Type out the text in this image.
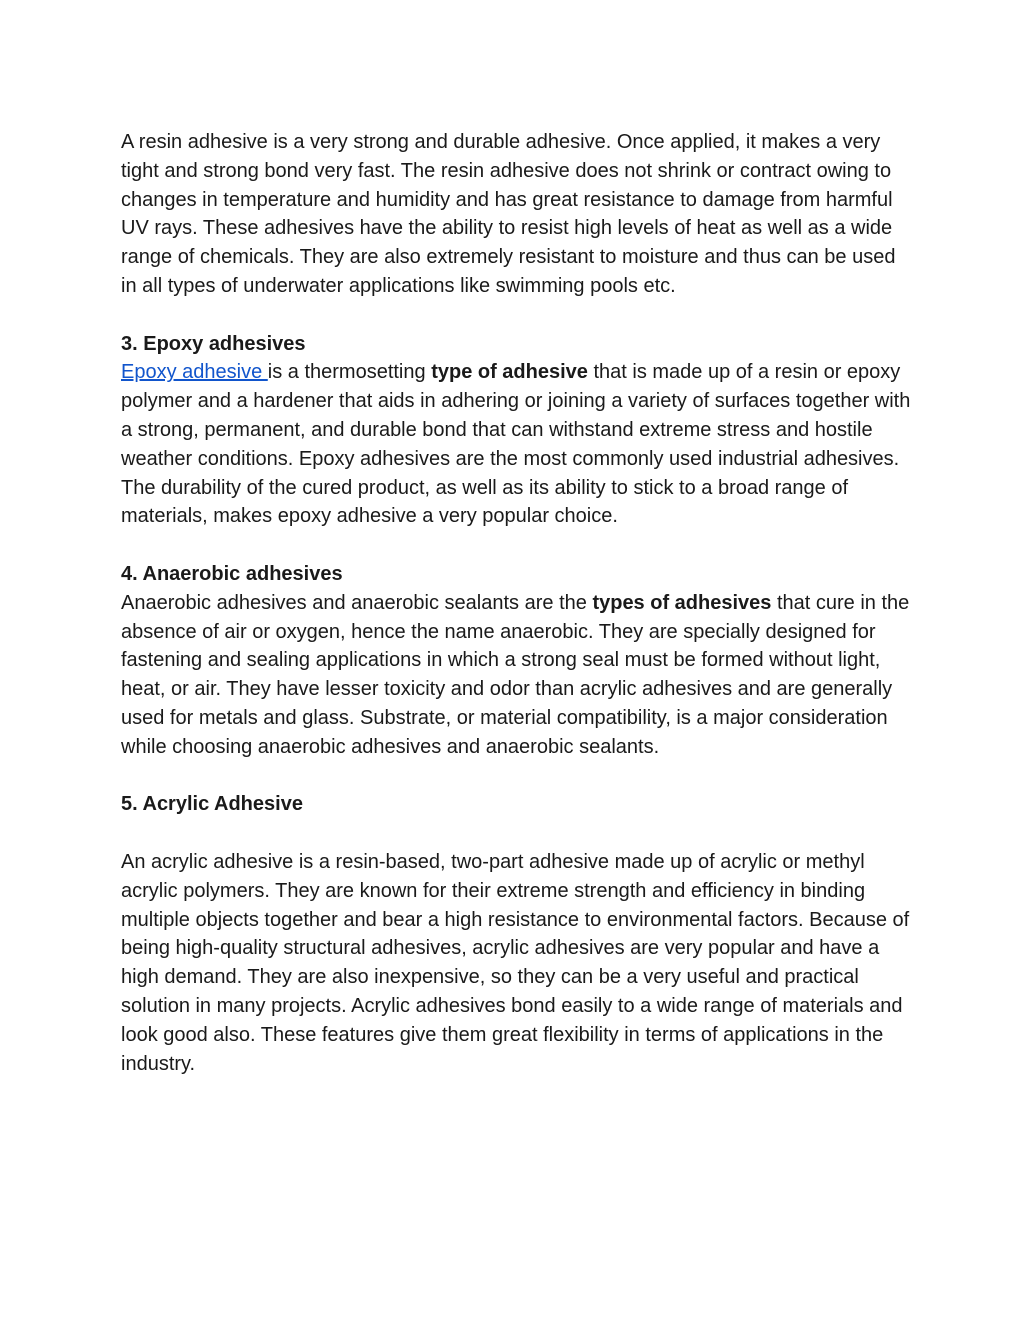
A resin adhesive is a very strong and durable adhesive. Once applied, it makes a very tight and strong bond very fast. The resin adhesive does not shrink or contract owing to changes in temperature and humidity and has great resistance to damage from harmful UV rays. These adhesives have the ability to resist high levels of heat as well as a wide range of chemicals. They are also extremely resistant to moisture and thus can be used in all types of underwater applications like swimming pools etc.

3. Epoxy adhesives

Epoxy adhesive is a thermosetting type of adhesive that is made up of a resin or epoxy polymer and a hardener that aids in adhering or joining a variety of surfaces together with a strong, permanent, and durable bond that can withstand extreme stress and hostile weather conditions. Epoxy adhesives are the most commonly used industrial adhesives. The durability of the cured product, as well as its ability to stick to a broad range of materials, makes epoxy adhesive a very popular choice.

4. Anaerobic adhesives

Anaerobic adhesives and anaerobic sealants are the types of adhesives that cure in the absence of air or oxygen, hence the name anaerobic. They are specially designed for fastening and sealing applications in which a strong seal must be formed without light, heat, or air. They have lesser toxicity and odor than acrylic adhesives and are generally used for metals and glass. Substrate, or material compatibility, is a major consideration while choosing anaerobic adhesives and anaerobic sealants.

5. Acrylic Adhesive

An acrylic adhesive is a resin-based, two-part adhesive made up of acrylic or methyl acrylic polymers. They are known for their extreme strength and efficiency in binding multiple objects together and bear a high resistance to environmental factors. Because of being high-quality structural adhesives, acrylic adhesives are very popular and have a high demand. They are also inexpensive, so they can be a very useful and practical solution in many projects. Acrylic adhesives bond easily to a wide range of materials and look good also. These features give them great flexibility in terms of applications in the industry.
